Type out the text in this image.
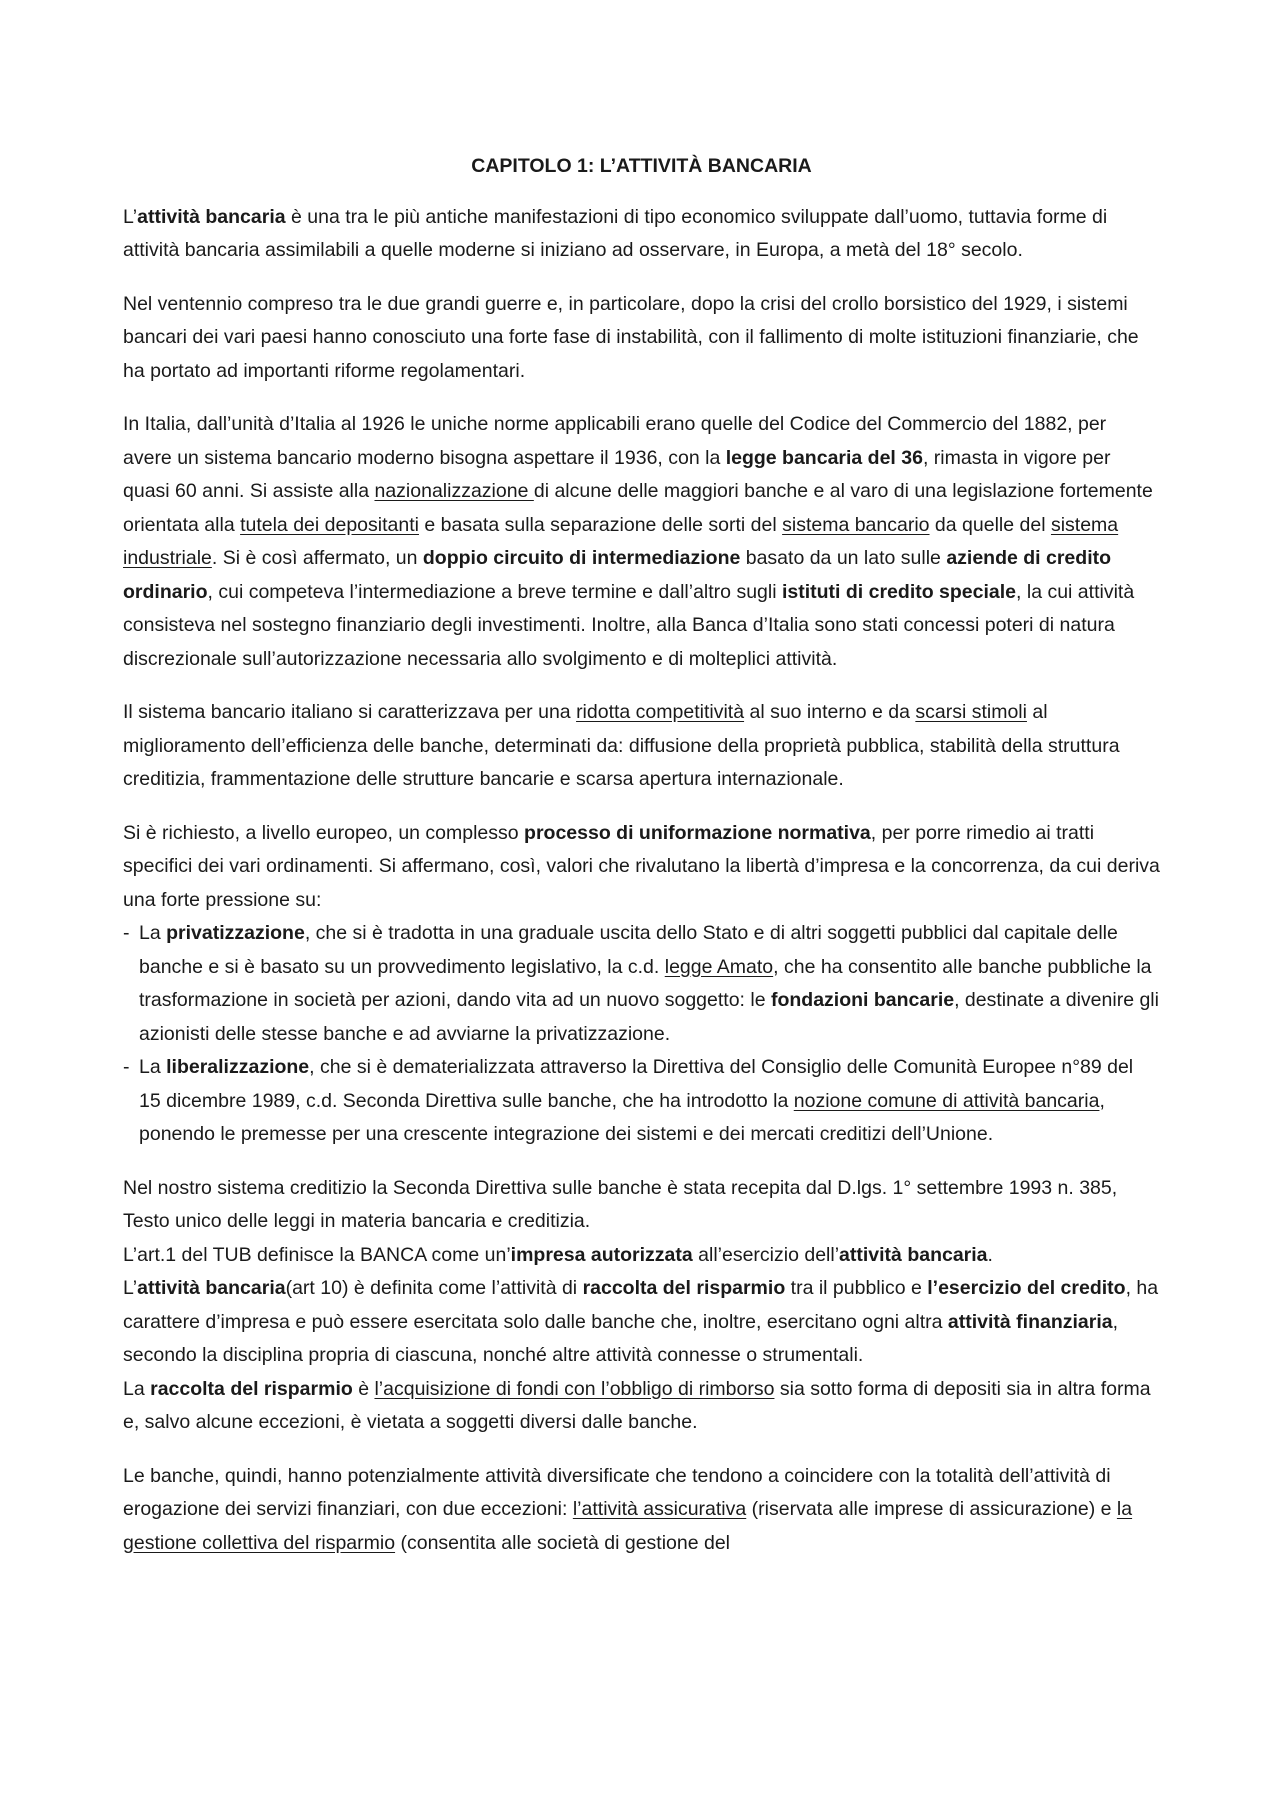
CAPITOLO 1: L’ATTIVITÀ BANCARIA

L’attività bancaria è una tra le più antiche manifestazioni di tipo economico sviluppate dall’uomo, tuttavia forme di attività bancaria assimilabili a quelle moderne si iniziano ad osservare, in Europa, a metà del 18° secolo.

Nel ventennio compreso tra le due grandi guerre e, in particolare, dopo la crisi del crollo borsistico del 1929, i sistemi bancari dei vari paesi hanno conosciuto una forte fase di instabilità, con il fallimento di molte istituzioni finanziarie, che ha portato ad importanti riforme regolamentari.

In Italia, dall’unità d’Italia al 1926 le uniche norme applicabili erano quelle del Codice del Commercio del 1882, per avere un sistema bancario moderno bisogna aspettare il 1936, con la legge bancaria del 36, rimasta in vigore per quasi 60 anni. Si assiste alla nazionalizzazione di alcune delle maggiori banche e al varo di una legislazione fortemente orientata alla tutela dei depositanti e basata sulla separazione delle sorti del sistema bancario da quelle del sistema industriale. Si è così affermato, un doppio circuito di intermediazione basato da un lato sulle aziende di credito ordinario, cui competeva l’intermediazione a breve termine e dall’altro sugli istituti di credito speciale, la cui attività consisteva nel sostegno finanziario degli investimenti. Inoltre, alla Banca d’Italia sono stati concessi poteri di natura discrezionale sull’autorizzazione necessaria allo svolgimento e di molteplici attività.

Il sistema bancario italiano si caratterizzava per una ridotta competitività al suo interno e da scarsi stimoli al miglioramento dell’efficienza delle banche, determinati da: diffusione della proprietà pubblica, stabilità della struttura creditizia, frammentazione delle strutture bancarie e scarsa apertura internazionale.

Si è richiesto, a livello europeo, un complesso processo di uniformazione normativa, per porre rimedio ai tratti specifici dei vari ordinamenti. Si affermano, così, valori che rivalutano la libertà d’impresa e la concorrenza, da cui deriva una forte pressione su:

- La privatizzazione, che si è tradotta in una graduale uscita dello Stato e di altri soggetti pubblici dal capitale delle banche e si è basato su un provvedimento legislativo, la c.d. legge Amato, che ha consentito alle banche pubbliche la trasformazione in società per azioni, dando vita ad un nuovo soggetto: le fondazioni bancarie, destinate a divenire gli azionisti delle stesse banche e ad avviarne la privatizzazione.
- La liberalizzazione, che si è dematerializzata attraverso la Direttiva del Consiglio delle Comunità Europee n°89 del 15 dicembre 1989, c.d. Seconda Direttiva sulle banche, che ha introdotto la nozione comune di attività bancaria, ponendo le premesse per una crescente integrazione dei sistemi e dei mercati creditizi dell’Unione.

Nel nostro sistema creditizio la Seconda Direttiva sulle banche è stata recepita dal D.lgs. 1° settembre 1993 n. 385, Testo unico delle leggi in materia bancaria e creditizia.

L’art.1 del TUB definisce la BANCA come un’impresa autorizzata all’esercizio dell’attività bancaria.

L’attività bancaria(art 10) è definita come l’attività di raccolta del risparmio tra il pubblico e l’esercizio del credito, ha carattere d’impresa e può essere esercitata solo dalle banche che, inoltre, esercitano ogni altra attività finanziaria, secondo la disciplina propria di ciascuna, nonché altre attività connesse o strumentali.

La raccolta del risparmio è l’acquisizione di fondi con l’obbligo di rimborso sia sotto forma di depositi sia in altra forma e, salvo alcune eccezioni, è vietata a soggetti diversi dalle banche.

Le banche, quindi, hanno potenzialmente attività diversificate che tendono a coincidere con la totalità dell’attività di erogazione dei servizi finanziari, con due eccezioni: l’attività assicurativa (riservata alle imprese di assicurazione) e la gestione collettiva del risparmio (consentita alle società di gestione del
